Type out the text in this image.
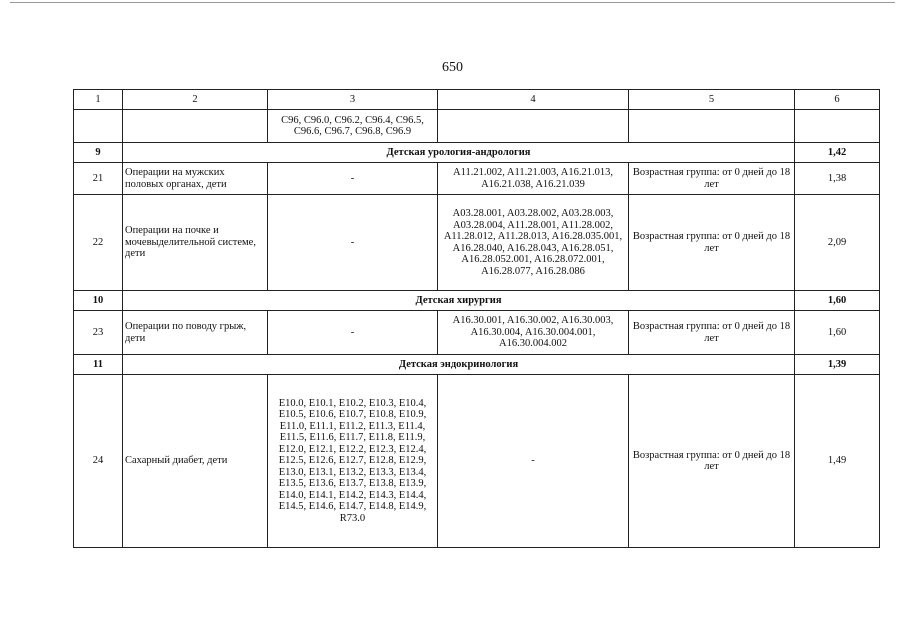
650
1	2	3	4	5	6
		C96, C96.0, C96.2, C96.4, C96.5, C96.6, C96.7, C96.8, C96.9			
9	Детская урология-андрология				1,42
21	Операции на мужских половых органах, дети	-	A11.21.002, A11.21.003, A16.21.013, A16.21.038, A16.21.039	Возрастная группа: от 0 дней до 18 лет	1,38
22	Операции на почке и мочевыделительной системе, дети	-	A03.28.001, A03.28.002, A03.28.003, A03.28.004, A11.28.001, A11.28.002, A11.28.012, A11.28.013, A16.28.035.001, A16.28.040, A16.28.043, A16.28.051, A16.28.052.001, A16.28.072.001, A16.28.077, A16.28.086	Возрастная группа: от 0 дней до 18 лет	2,09
10	Детская хирургия				1,60
23	Операции по поводу грыж, дети	-	A16.30.001, A16.30.002, A16.30.003, A16.30.004, A16.30.004.001, A16.30.004.002	Возрастная группа: от 0 дней до 18 лет	1,60
11	Детская эндокринология				1,39
24	Сахарный диабет, дети	E10.0, E10.1, E10.2, E10.3, E10.4, E10.5, E10.6, E10.7, E10.8, E10.9, E11.0, E11.1, E11.2, E11.3, E11.4, E11.5, E11.6, E11.7, E11.8, E11.9, E12.0, E12.1, E12.2, E12.3, E12.4, E12.5, E12.6, E12.7, E12.8, E12.9, E13.0, E13.1, E13.2, E13.3, E13.4, E13.5, E13.6, E13.7, E13.8, E13.9, E14.0, E14.1, E14.2, E14.3, E14.4, E14.5, E14.6, E14.7, E14.8, E14.9, R73.0	-	Возрастная группа: от 0 дней до 18 лет	1,49
